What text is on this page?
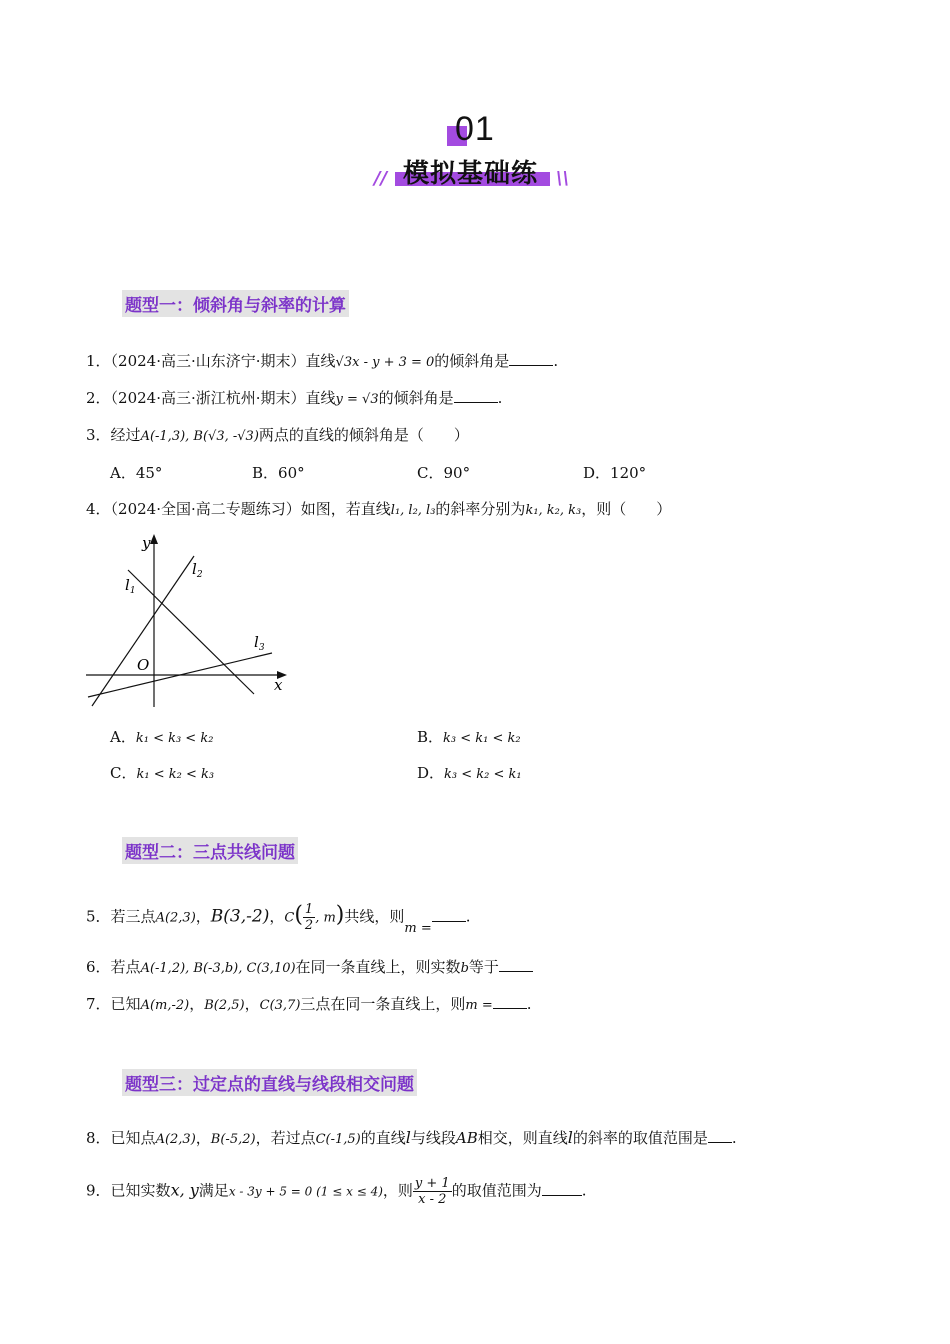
01
模拟基础练
//	\\
题型一：倾斜角与斜率的计算
1．（2024·高三·山东济宁·期末）直线√3x - y + 3 = 0的倾斜角是	.
2．（2024·高三·浙江杭州·期末）直线y = √3的倾斜角是	.
3．经过A(-1,3), B(√3, -√3)两点的直线的倾斜角是（　　）
A．45°	B．60°	C．90°	D．120°
4．（2024·全国·高二专题练习）如图，若直线l₁, l₂, l₃的斜率分别为k₁, k₂, k₃，则（　　）
y
x
O
$l_1$
$l_2$
$l_3$
A．k₁ < k₃ < k₂	B．k₃ < k₁ < k₂
C．k₁ < k₂ < k₃	D．k₃ < k₂ < k₁
题型二：三点共线问题
5．若三点A(2,3)，B(3,-2)，$C( \frac{1}{2}$ , m)共线，则m =.
6．若点A(-1,2), B(-3,b), C(3,10)在同一条直线上，则实数b等于
7．已知A(m,-2)，B(2,5)，C(3,7)三点在同一条直线上，则m = .
题型三：过定点的直线与线段相交问题
8．已知点A(2,3)，B(-5,2)，若过点C(-1,5)的直线l与线段AB相交，则直线l的斜率的取值范围是 .
9．已知实数x, y满足x - 3y + 5 = 0 (1 ≤ x ≤ 4)，则 $\frac{y + 1}{x - 2}$ 的取值范围为	.
